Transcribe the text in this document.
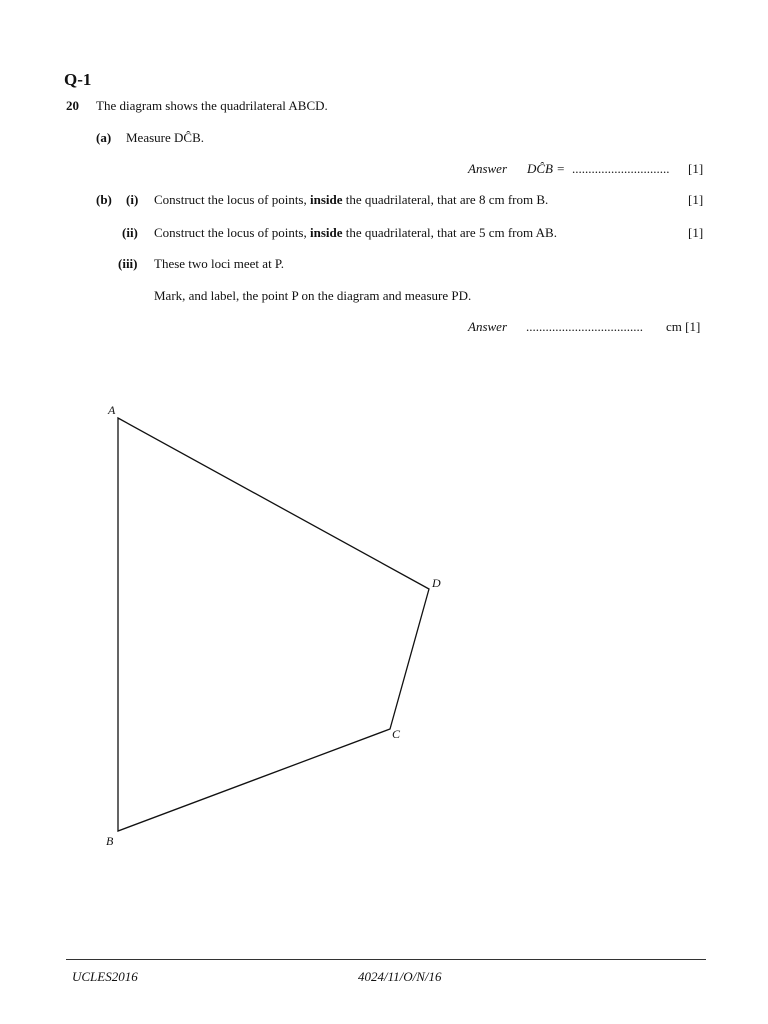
Q-1
20 The diagram shows the quadrilateral ABCD.
(a) Measure DĈB.
Answer DĈB = .............................. [1]
(b) (i) Construct the locus of points, inside the quadrilateral, that are 8 cm from B.	[1]
(ii) Construct the locus of points, inside the quadrilateral, that are 5 cm from AB.	[1]
(iii) These two loci meet at P.
Mark, and label, the point P on the diagram and measure PD.
Answer .................................... cm [1]
A
B
C
D
UCLES2016	4024/11/O/N/16
